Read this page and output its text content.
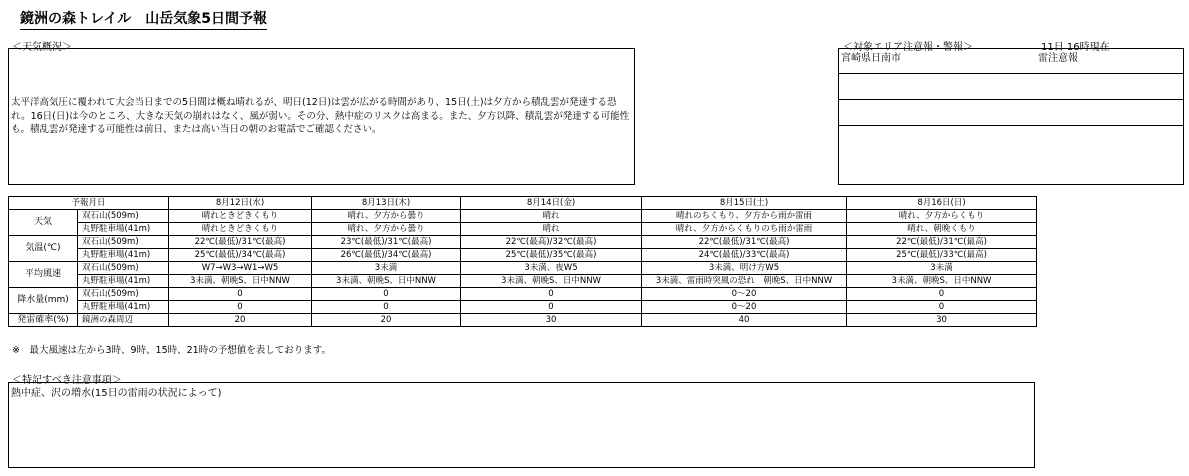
鏡洲の森トレイル　山岳気象5日間予報
＜天気概況＞
太平洋高気圧に覆われて大会当日までの5日間は概ね晴れるが、明日(12日)は雲が広がる時間があり、15日(土)は夕方から積乱雲が発達する恐れ。16日(日)は今のところ、大きな天気の崩れはなく、風が弱い。その分、熱中症のリスクは高まる。また、夕方以降、積乱雲が発達する可能性も。積乱雲が発達する可能性は前日、または高い当日の朝のお電話でご確認ください。
＜対象エリア注意報・警報＞	11日 16時現在
宮崎県日南市	雷注意報

予報月日		8月12日(水)	8月13日(木)	8月14日(金)	8月15日(土)	8月16日(日)
天気	双石山(509m)	晴れときどきくもり	晴れ、夕方から曇り	晴れ	晴れのちくもり、夕方から雨か雷雨	晴れ、夕方からくもり
	丸野駐車場(41m)	晴れときどきくもり	晴れ、夕方から曇り	晴れ	晴れ、夕方からくもりのち雨か雷雨	晴れ、朝晩くもり
気温(℃)	双石山(509m)	22℃(最低)/31℃(最高)	23℃(最低)/31℃(最高)	22℃(最高)/32℃(最高)	22℃(最低)/31℃(最高)	22℃(最低)/31℃(最高)
	丸野駐車場(41m)	25℃(最低)/34℃(最高)	26℃(最低)/34℃(最高)	25℃(最低)/35℃(最高)	24℃(最低)/33℃(最高)	25℃(最低)/33℃(最高)
平均風速	双石山(509m)	W7→W3→W1→W5	3未満	3未満、夜W5	3未満、明け方W5	3未満
	丸野駐車場(41m)	3未満、朝晩S、日中NNW	3未満、朝晩S、日中NNW	3未満、朝晩S、日中NNW	3未満、雷雨時突風の恐れ　朝晩S、日中NNW	3未満、朝晩S、日中NNW
降水量(mm)	双石山(509m)	0	0	0	0～20	0
	丸野駐車場(41m)	0	0	0	0～20	0
発雷確率(%)	鏡洲の森周辺	20	20	30	40	30
※　最大風速は左から3時、9時、15時、21時の予想値を表しております。
＜特記すべき注意事項＞
熱中症、沢の増水(15日の雷雨の状況によって)
